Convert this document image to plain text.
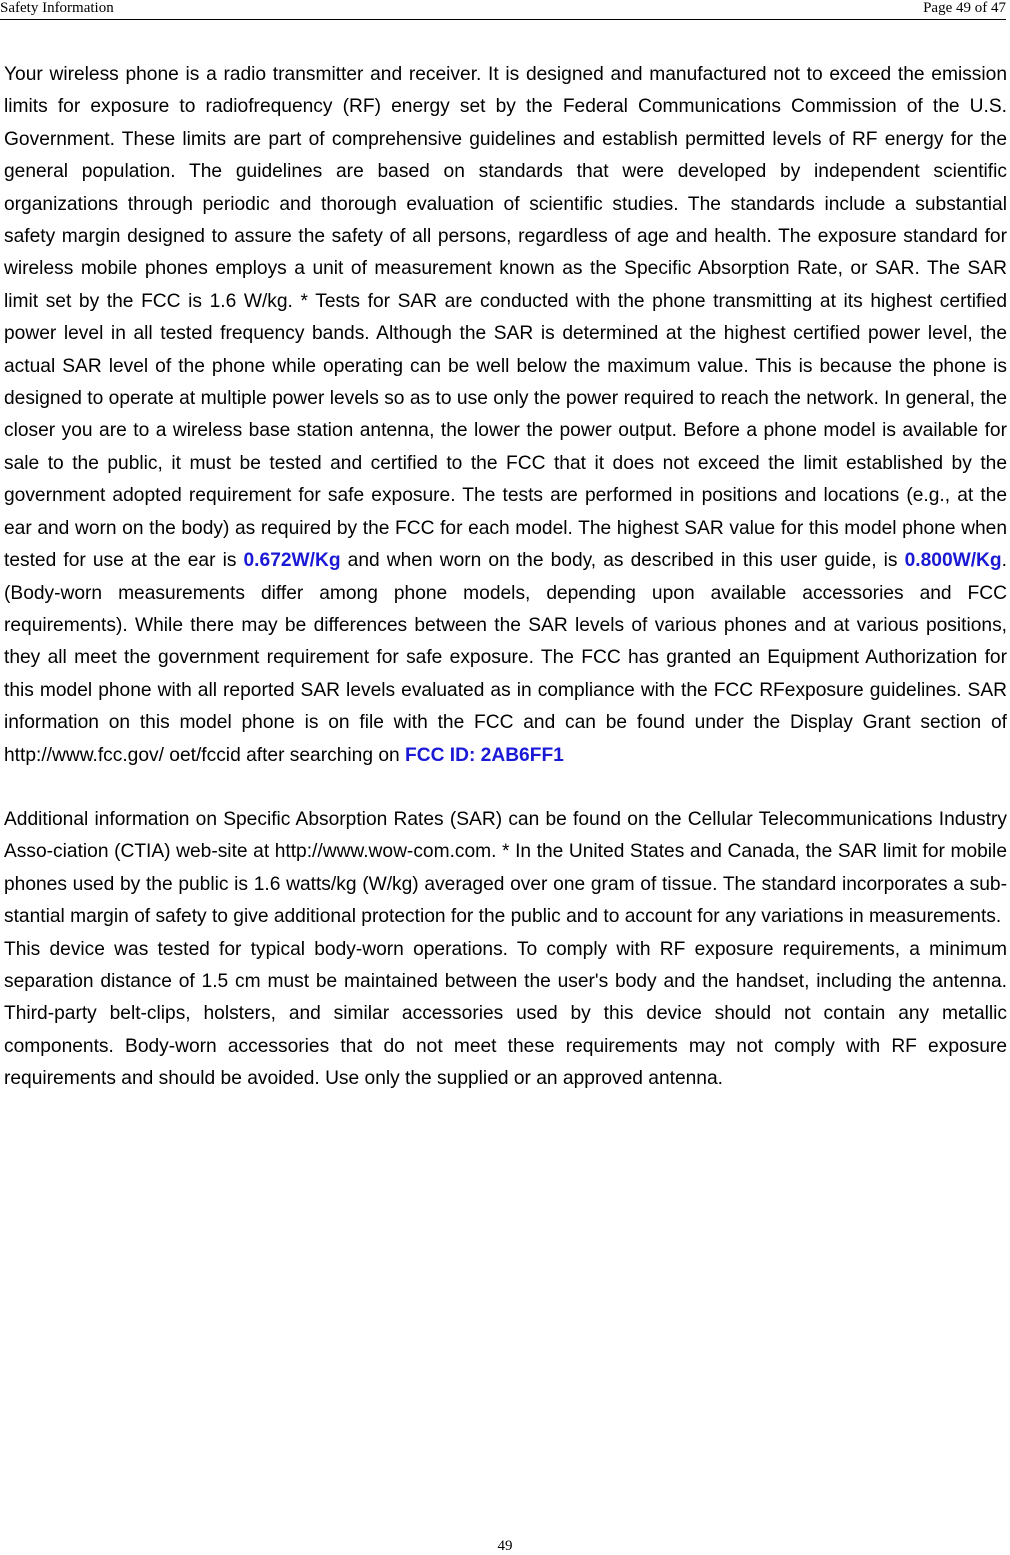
Safety Information	Page 49 of 47

Your wireless phone is a radio transmitter and receiver. It is designed and manufactured not to exceed the emission limits for exposure to radiofrequency (RF) energy set by the Federal Communications Commission of the U.S. Government. These limits are part of comprehensive guidelines and establish permitted levels of RF energy for the general population. The guidelines are based on standards that were developed by independent scientific organizations through periodic and thorough evaluation of scientific studies. The standards include a substantial safety margin designed to assure the safety of all persons, regardless of age and health. The exposure standard for wireless mobile phones employs a unit of measurement known as the Specific Absorption Rate, or SAR. The SAR limit set by the FCC is 1.6 W/kg. * Tests for SAR are conducted with the phone transmitting at its highest certified power level in all tested frequency bands. Although the SAR is determined at the highest certified power level, the actual SAR level of the phone while operating can be well below the maximum value. This is because the phone is designed to operate at multiple power levels so as to use only the power required to reach the network. In general, the closer you are to a wireless base station antenna, the lower the power output. Before a phone model is available for sale to the public, it must be tested and certified to the FCC that it does not exceed the limit established by the government adopted requirement for safe exposure. The tests are performed in positions and locations (e.g., at the ear and worn on the body) as required by the FCC for each model. The highest SAR value for this model phone when tested for use at the ear is 0.672W/Kg and when worn on the body, as described in this user guide, is 0.800W/Kg. (Body-worn measurements differ among phone models, depending upon available accessories and FCC requirements). While there may be differences between the SAR levels of various phones and at various positions, they all meet the government requirement for safe exposure. The FCC has granted an Equipment Authorization for this model phone with all reported SAR levels evaluated as in compliance with the FCC RFexposure guidelines. SAR information on this model phone is on file with the FCC and can be found under the Display Grant section of http://www.fcc.gov/ oet/fccid after searching on FCC ID: 2AB6FF1

Additional information on Specific Absorption Rates (SAR) can be found on the Cellular Telecommunications Industry Asso-ciation (CTIA) web-site at http://www.wow-com.com. * In the United States and Canada, the SAR limit for mobile phones used by the public is 1.6 watts/kg (W/kg) averaged over one gram of tissue. The standard incorporates a sub-stantial margin of safety to give additional protection for the public and to account for any variations in measurements.

This device was tested for typical body-worn operations. To comply with RF exposure requirements, a minimum separation distance of 1.5 cm must be maintained between the user's body and the handset, including the antenna. Third-party belt-clips, holsters, and similar accessories used by this device should not contain any metallic components. Body-worn accessories that do not meet these requirements may not comply with RF exposure requirements and should be avoided. Use only the supplied or an approved antenna.

49
